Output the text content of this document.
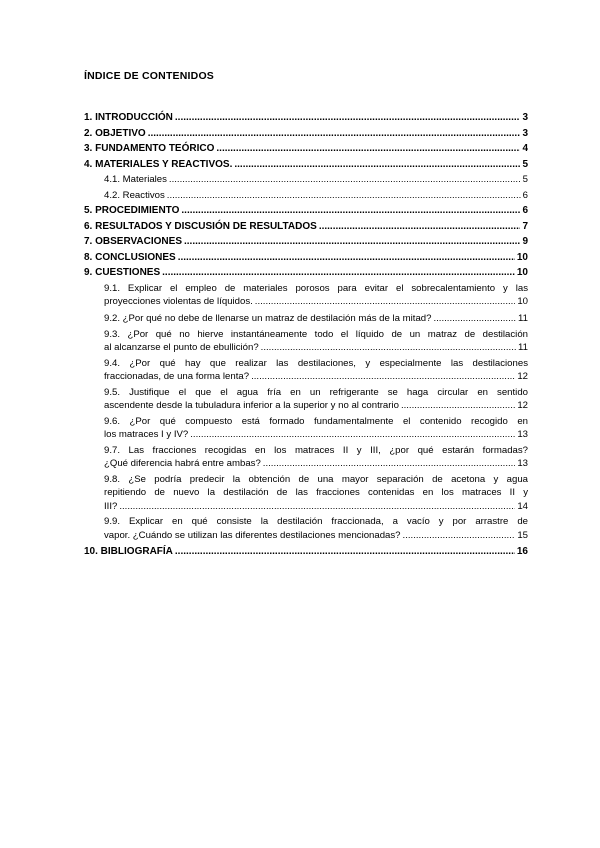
ÍNDICE DE CONTENIDOS
1. INTRODUCCIÓN .....	3
2. OBJETIVO .....	3
3. FUNDAMENTO TEÓRICO .....	4
4. MATERIALES Y REACTIVOS. .....	5
4.1. Materiales .....	5
4.2. Reactivos .....	6
5. PROCEDIMIENTO .....	6
6. RESULTADOS Y DISCUSIÓN DE RESULTADOS .....	7
7. OBSERVACIONES .....	9
8. CONCLUSIONES .....	10
9. CUESTIONES .....	10
9.1. Explicar el empleo de materiales porosos para evitar el sobrecalentamiento y las
proyecciones violentas de líquidos. .....	10
9.2. ¿Por qué no debe de llenarse un matraz de destilación más de la mitad? .....	11
9.3. ¿Por qué no hierve instantáneamente todo el líquido de un matraz de destilación
al alcanzarse el punto de ebullición? .....	11
9.4. ¿Por qué hay que realizar las destilaciones, y especialmente las destilaciones
fraccionadas, de una forma lenta? .....	12
9.5. Justifique el que el agua fría en un refrigerante se haga circular en sentido
ascendente desde la tubuladura inferior a la superior y no al contrario .....	12
9.6. ¿Por qué compuesto está formado fundamentalmente el contenido recogido en
los matraces I y IV? .....	13
9.7. Las fracciones recogidas en los matraces II y III, ¿por qué estarán formadas?
¿Qué diferencia habrá entre ambas? .....	13
9.8. ¿Se podría predecir la obtención de una mayor separación de acetona y agua
repitiendo de nuevo la destilación de las fracciones contenidas en los matraces II y
III? .....	14
9.9. Explicar en qué consiste la destilación fraccionada, a vacío y por arrastre de
vapor. ¿Cuándo se utilizan las diferentes destilaciones mencionadas? .....	15
10. BIBLIOGRAFÍA .....	16
